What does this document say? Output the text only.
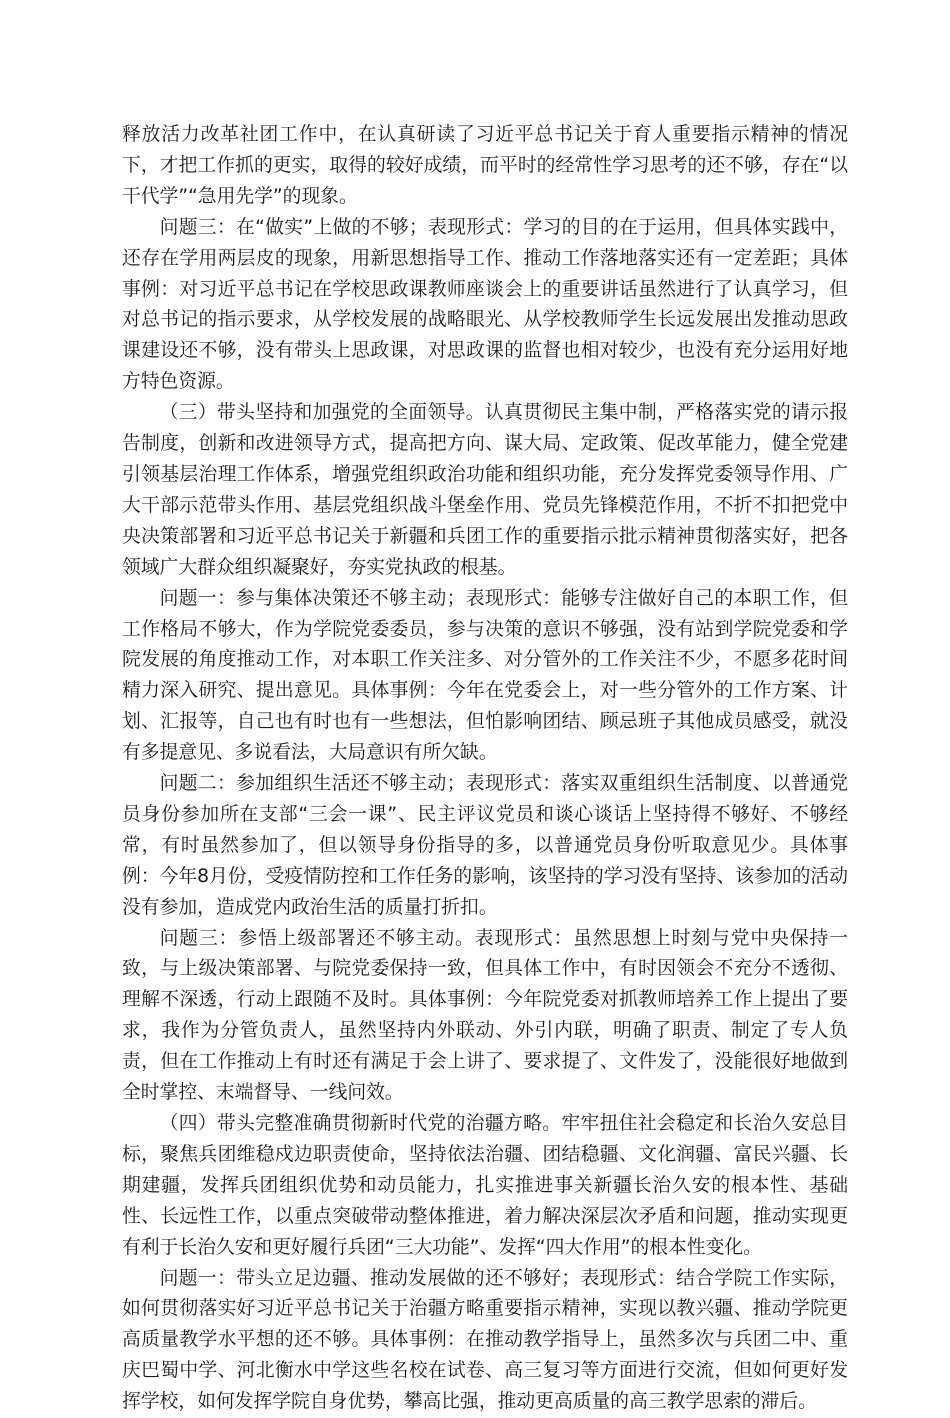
释放活力改革社团工作中，在认真研读了习近平总书记关于育人重要指示精神的情况下，才把工作抓的更实，取得的较好成绩，而平时的经常性学习思考的还不够，存在“以干代学”“急用先学”的现象。

问题三：在“做实”上做的不够；表现形式：学习的目的在于运用，但具体实践中，还存在学用两层皮的现象，用新思想指导工作、推动工作落地落实还有一定差距；具体事例：对习近平总书记在学校思政课教师座谈会上的重要讲话虽然进行了认真学习，但对总书记的指示要求，从学校发展的战略眼光、从学校教师学生长远发展出发推动思政课建设还不够，没有带头上思政课，对思政课的监督也相对较少，也没有充分运用好地方特色资源。

（三）带头坚持和加强党的全面领导。认真贯彻民主集中制，严格落实党的请示报告制度，创新和改进领导方式，提高把方向、谋大局、定政策、促改革能力，健全党建引领基层治理工作体系，增强党组织政治功能和组织功能，充分发挥党委领导作用、广大干部示范带头作用、基层党组织战斗堡垒作用、党员先锋模范作用，不折不扣把党中央决策部署和习近平总书记关于新疆和兵团工作的重要指示批示精神贯彻落实好，把各领域广大群众组织凝聚好，夯实党执政的根基。

问题一：参与集体决策还不够主动；表现形式：能够专注做好自己的本职工作，但工作格局不够大，作为学院党委委员，参与决策的意识不够强，没有站到学院党委和学院发展的角度推动工作，对本职工作关注多、对分管外的工作关注不少，不愿多花时间精力深入研究、提出意见。具体事例：今年在党委会上，对一些分管外的工作方案、计划、汇报等，自己也有时也有一些想法，但怕影响团结、顾忌班子其他成员感受，就没有多提意见、多说看法，大局意识有所欠缺。

问题二：参加组织生活还不够主动；表现形式：落实双重组织生活制度、以普通党员身份参加所在支部“三会一课”、民主评议党员和谈心谈话上坚持得不够好、不够经常，有时虽然参加了，但以领导身份指导的多，以普通党员身份听取意见少。具体事例：今年8月份，受疫情防控和工作任务的影响，该坚持的学习没有坚持、该参加的活动没有参加，造成党内政治生活的质量打折扣。

问题三：参悟上级部署还不够主动。表现形式：虽然思想上时刻与党中央保持一致，与上级决策部署、与院党委保持一致，但具体工作中，有时因领会不充分不透彻、理解不深透，行动上跟随不及时。具体事例：今年院党委对抓教师培养工作上提出了要求，我作为分管负责人，虽然坚持内外联动、外引内联，明确了职责、制定了专人负责，但在工作推动上有时还有满足于会上讲了、要求提了、文件发了，没能很好地做到全时掌控、末端督导、一线问效。

（四）带头完整准确贯彻新时代党的治疆方略。牢牢扭住社会稳定和长治久安总目标，聚焦兵团维稳戍边职责使命，坚持依法治疆、团结稳疆、文化润疆、富民兴疆、长期建疆，发挥兵团组织优势和动员能力，扎实推进事关新疆长治久安的根本性、基础性、长远性工作，以重点突破带动整体推进，着力解决深层次矛盾和问题，推动实现更有利于长治久安和更好履行兵团“三大功能”、发挥“四大作用”的根本性变化。

问题一：带头立足边疆、推动发展做的还不够好；表现形式：结合学院工作实际，如何贯彻落实好习近平总书记关于治疆方略重要指示精神，实现以教兴疆、推动学院更高质量教学水平想的还不够。具体事例：在推动教学指导上，虽然多次与兵团二中、重庆巴蜀中学、河北衡水中学这些名校在试卷、高三复习等方面进行交流，但如何更好发挥学校，如何发挥学院自身优势，攀高比强，推动更高质量的高三教学思索的滞后。
